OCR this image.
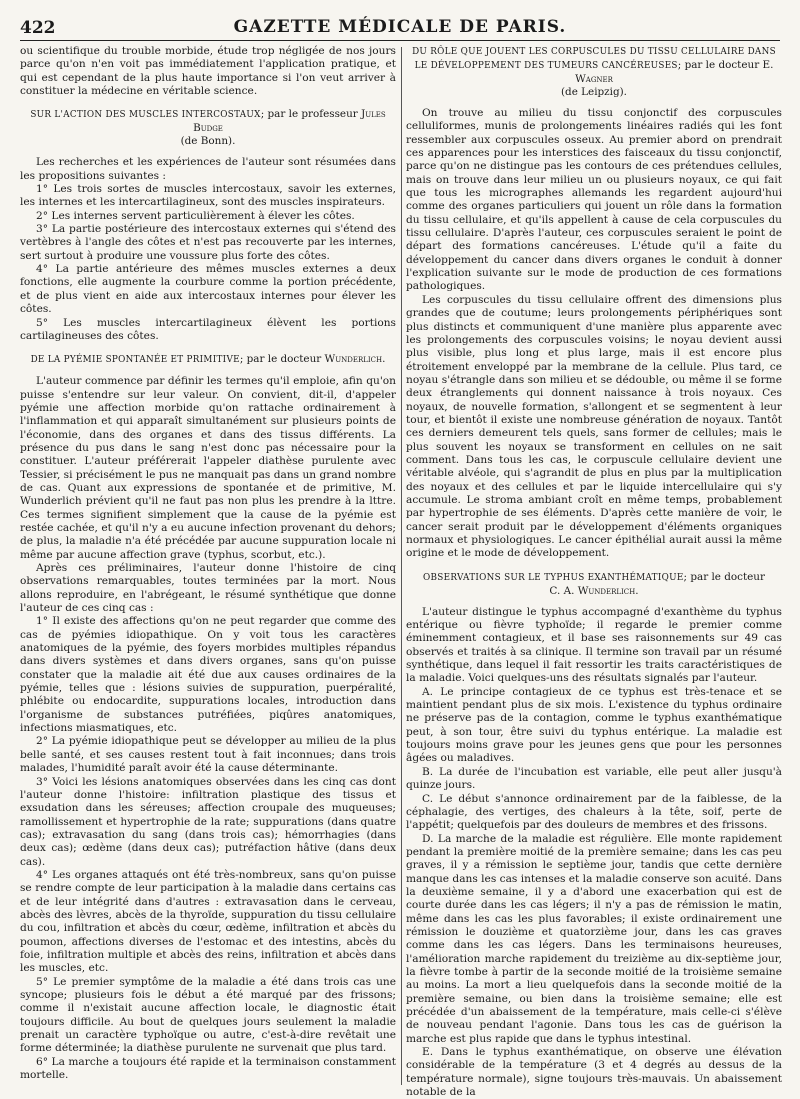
422	GAZETTE MÉDICALE DE PARIS.

ou scientifique du trouble morbide, étude trop négligée de nos jours parce qu'on n'en voit pas immédiatement l'application pratique, et qui est cependant de la plus haute importance si l'on veut arriver à constituer la médecine en véritable science.

SUR L'ACTION DES MUSCLES INTERCOSTAUX; par le professeur Jules Budge
(de Bonn).

Les recherches et les expériences de l'auteur sont résumées dans les propositions suivantes :

1° Les trois sortes de muscles intercostaux, savoir les externes, les internes et les intercartilagineux, sont des muscles inspirateurs.

2° Les internes servent particulièrement à élever les côtes.

3° La partie postérieure des intercostaux externes qui s'étend des vertèbres à l'angle des côtes et n'est pas recouverte par les internes, sert surtout à produire une voussure plus forte des côtes.

4° La partie antérieure des mêmes muscles externes a deux fonctions, elle augmente la courbure comme la portion précédente, et de plus vient en aide aux intercostaux internes pour élever les côtes.

5° Les muscles intercartilagineux élèvent les portions cartilagineuses des côtes.

DE LA PYÉMIE SPONTANÉE ET PRIMITIVE; par le docteur Wunderlich.

L'auteur commence par définir les termes qu'il emploie, afin qu'on puisse s'entendre sur leur valeur. On convient, dit-il, d'appeler pyémie une affection morbide qu'on rattache ordinairement à l'inflammation et qui apparaît simultanément sur plusieurs points de l'économie, dans des organes et dans des tissus différents. La présence du pus dans le sang n'est donc pas nécessaire pour la constituer. L'auteur préférerait l'appeler diathèse purulente avec Tessier, si précisément le pus ne manquait pas dans un grand nombre de cas. Quant aux expressions de spontanée et de primitive, M. Wunderlich prévient qu'il ne faut pas non plus les prendre à la lttre. Ces termes signifient simplement que la cause de la pyémie est restée cachée, et qu'il n'y a eu aucune infection provenant du dehors; de plus, la maladie n'a été précédée par aucune suppuration locale ni même par aucune affection grave (typhus, scorbut, etc.).

Après ces préliminaires, l'auteur donne l'histoire de cinq observations remarquables, toutes terminées par la mort. Nous allons reproduire, en l'abrégeant, le résumé synthétique que donne l'auteur de ces cinq cas :

1° Il existe des affections qu'on ne peut regarder que comme des cas de pyémies idiopathique. On y voit tous les caractères anatomiques de la pyémie, des foyers morbides multiples répandus dans divers systèmes et dans divers organes, sans qu'on puisse constater que la maladie ait été due aux causes ordinaires de la pyémie, telles que : lésions suivies de suppuration, puerpéralité, phlébite ou endocardite, suppurations locales, introduction dans l'organisme de substances putréfiées, piqûres anatomiques, infections miasmatiques, etc.

2° La pyémie idiopathique peut se développer au milieu de la plus belle santé, et ses causes restent tout à fait inconnues; dans trois malades, l'humidité paraît avoir été la cause déterminante.

3° Voici les lésions anatomiques observées dans les cinq cas dont l'auteur donne l'histoire: infiltration plastique des tissus et exsudation dans les séreuses; affection croupale des muqueuses; ramollissement et hypertrophie de la rate; suppurations (dans quatre cas); extravasation du sang (dans trois cas); hémorrhagies (dans deux cas); œdème (dans deux cas); putréfaction hâtive (dans deux cas).

4° Les organes attaqués ont été très-nombreux, sans qu'on puisse se rendre compte de leur participation à la maladie dans certains cas et de leur intégrité dans d'autres : extravasation dans le cerveau, abcès des lèvres, abcès de la thyroïde, suppuration du tissu cellulaire du cou, infiltration et abcès du cœur, œdème, infiltration et abcès du poumon, affections diverses de l'estomac et des intestins, abcès du foie, infiltration multiple et abcès des reins, infiltration et abcès dans les muscles, etc.

5° Le premier symptôme de la maladie a été dans trois cas une syncope; plusieurs fois le début a été marqué par des frissons; comme il n'existait aucune affection locale, le diagnostic était toujours difficile. Au bout de quelques jours seulement la maladie prenait un caractère typhoïque ou autre, c'est-à-dire revêtait une forme déterminée; la diathèse purulente ne survenait que plus tard.

6° La marche a toujours été rapide et la terminaison constamment mortelle.

DU RÔLE QUE JOUENT LES CORPUSCULES DU TISSU CELLULAIRE DANS LE DÉVELOPPEMENT DES TUMEURS CANCÉREUSES; par le docteur E. Wagner
(de Leipzig).

On trouve au milieu du tissu conjonctif des corpuscules celluliformes, munis de prolongements linéaires radiés qui les font ressembler aux corpuscules osseux. Au premier abord on prendrait ces apparences pour les interstices des faisceaux du tissu conjonctif, parce qu'on ne distingue pas les contours de ces prétendues cellules, mais on trouve dans leur milieu un ou plusieurs noyaux, ce qui fait que tous les micrographes allemands les regardent aujourd'hui comme des organes particuliers qui jouent un rôle dans la formation du tissu cellulaire, et qu'ils appellent à cause de cela corpuscules du tissu cellulaire. D'après l'auteur, ces corpuscules seraient le point de départ des formations cancéreuses. L'étude qu'il a faite du développement du cancer dans divers organes le conduit à donner l'explication suivante sur le mode de production de ces formations pathologiques.

Les corpuscules du tissu cellulaire offrent des dimensions plus grandes que de coutume; leurs prolongements périphériques sont plus distincts et communiquent d'une manière plus apparente avec les prolongements des corpuscules voisins; le noyau devient aussi plus visible, plus long et plus large, mais il est encore plus étroitement enveloppé par la membrane de la cellule. Plus tard, ce noyau s'étrangle dans son milieu et se dédouble, ou même il se forme deux étranglements qui donnent naissance à trois noyaux. Ces noyaux, de nouvelle formation, s'allongent et se segmentent à leur tour, et bientôt il existe une nombreuse génération de noyaux. Tantôt ces derniers demeurent tels quels, sans former de cellules; mais le plus souvent les noyaux se transforment en cellules on ne sait comment. Dans tous les cas, le corpuscule cellulaire devient une véritable alvéole, qui s'agrandit de plus en plus par la multiplication des noyaux et des cellules et par le liquide intercellulaire qui s'y accumule. Le stroma ambiant croît en même temps, probablement par hypertrophie de ses éléments. D'après cette manière de voir, le cancer serait produit par le développement d'éléments organiques normaux et physiologiques. Le cancer épithélial aurait aussi la même origine et le mode de développement.

OBSERVATIONS SUR LE TYPHUS EXANTHÉMATIQUE; par le docteur
C. A. Wunderlich.

L'auteur distingue le typhus accompagné d'exanthème du typhus entérique ou fièvre typhoïde; il regarde le premier comme éminemment contagieux, et il base ses raisonnements sur 49 cas observés et traités à sa clinique. Il termine son travail par un résumé synthétique, dans lequel il fait ressortir les traits caractéristiques de la maladie. Voici quelques-uns des résultats signalés par l'auteur.

A. Le principe contagieux de ce typhus est très-tenace et se maintient pendant plus de six mois. L'existence du typhus ordinaire ne préserve pas de la contagion, comme le typhus exanthématique peut, à son tour, être suivi du typhus entérique. La maladie est toujours moins grave pour les jeunes gens que pour les personnes âgées ou maladives.

B. La durée de l'incubation est variable, elle peut aller jusqu'à quinze jours.

C. Le début s'annonce ordinairement par de la faiblesse, de la céphalagie, des vertiges, des chaleurs à la tête, soif, perte de l'appétit; quelquefois par des douleurs de membres et des frissons.

D. La marche de la maladie est régulière. Elle monte rapidement pendant la première moitié de la première semaine; dans les cas peu graves, il y a rémission le septième jour, tandis que cette dernière manque dans les cas intenses et la maladie conserve son acuité. Dans la deuxième semaine, il y a d'abord une exacerbation qui est de courte durée dans les cas légers; il n'y a pas de rémission le matin, même dans les cas les plus favorables; il existe ordinairement une rémission le douzième et quatorzième jour, dans les cas graves comme dans les cas légers. Dans les terminaisons heureuses, l'amélioration marche rapidement du treizième au dix-septième jour, la fièvre tombe à partir de la seconde moitié de la troisième semaine au moins. La mort a lieu quelquefois dans la seconde moitié de la première semaine, ou bien dans la troisième semaine; elle est précédée d'un abaissement de la température, mais celle-ci s'élève de nouveau pendant l'agonie. Dans tous les cas de guérison la marche est plus rapide que dans le typhus intestinal.

E. Dans le typhus exanthématique, on observe une élévation considérable de la température (3 et 4 degrés au dessus de la température normale), signe toujours très-mauvais. Un abaissement notable de la
